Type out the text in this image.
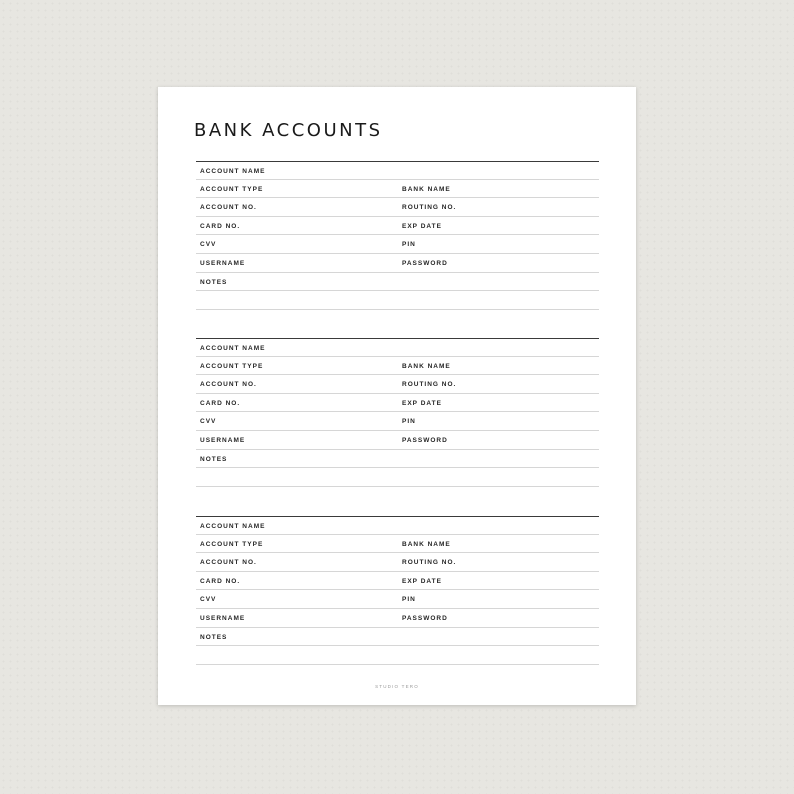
BANK ACCOUNTS
ACCOUNT NAME
ACCOUNT TYPE	BANK NAME
ACCOUNT NO.	ROUTING NO.
CARD NO.	EXP DATE
CVV	PIN
USERNAME	PASSWORD
NOTES
ACCOUNT NAME
ACCOUNT TYPE	BANK NAME
ACCOUNT NO.	ROUTING NO.
CARD NO.	EXP DATE
CVV	PIN
USERNAME	PASSWORD
NOTES
ACCOUNT NAME
ACCOUNT TYPE	BANK NAME
ACCOUNT NO.	ROUTING NO.
CARD NO.	EXP DATE
CVV	PIN
USERNAME	PASSWORD
NOTES
STUDIO TERO
